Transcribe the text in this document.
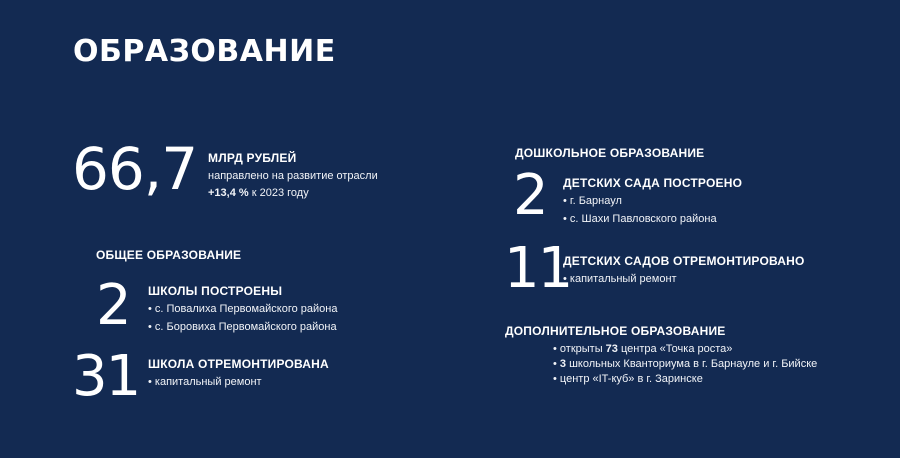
ОБРАЗОВАНИЕ
66,7 МЛРД РУБЛЕЙ
направлено на развитие отрасли
+13,4 % к 2023 году
ОБЩЕЕ ОБРАЗОВАНИЕ
2 ШКОЛЫ ПОСТРОЕНЫ
• с. Повалиха Первомайского района
• с. Боровиха Первомайского района
31 ШКОЛА ОТРЕМОНТИРОВАНА
• капитальный ремонт
ДОШКОЛЬНОЕ ОБРАЗОВАНИЕ
2 ДЕТСКИХ САДА ПОСТРОЕНО
• г. Барнаул
• с. Шахи Павловского района
11
ДЕТСКИХ САДОВ ОТРЕМОНТИРОВАНО
• капитальный ремонт
ДОПОЛНИТЕЛЬНОЕ ОБРАЗОВАНИЕ
• открыты 73 центра «Точка роста»
• 3 школьных Кванториума в г. Барнауле и г. Бийске
• центр «IT-куб» в г. Заринске
